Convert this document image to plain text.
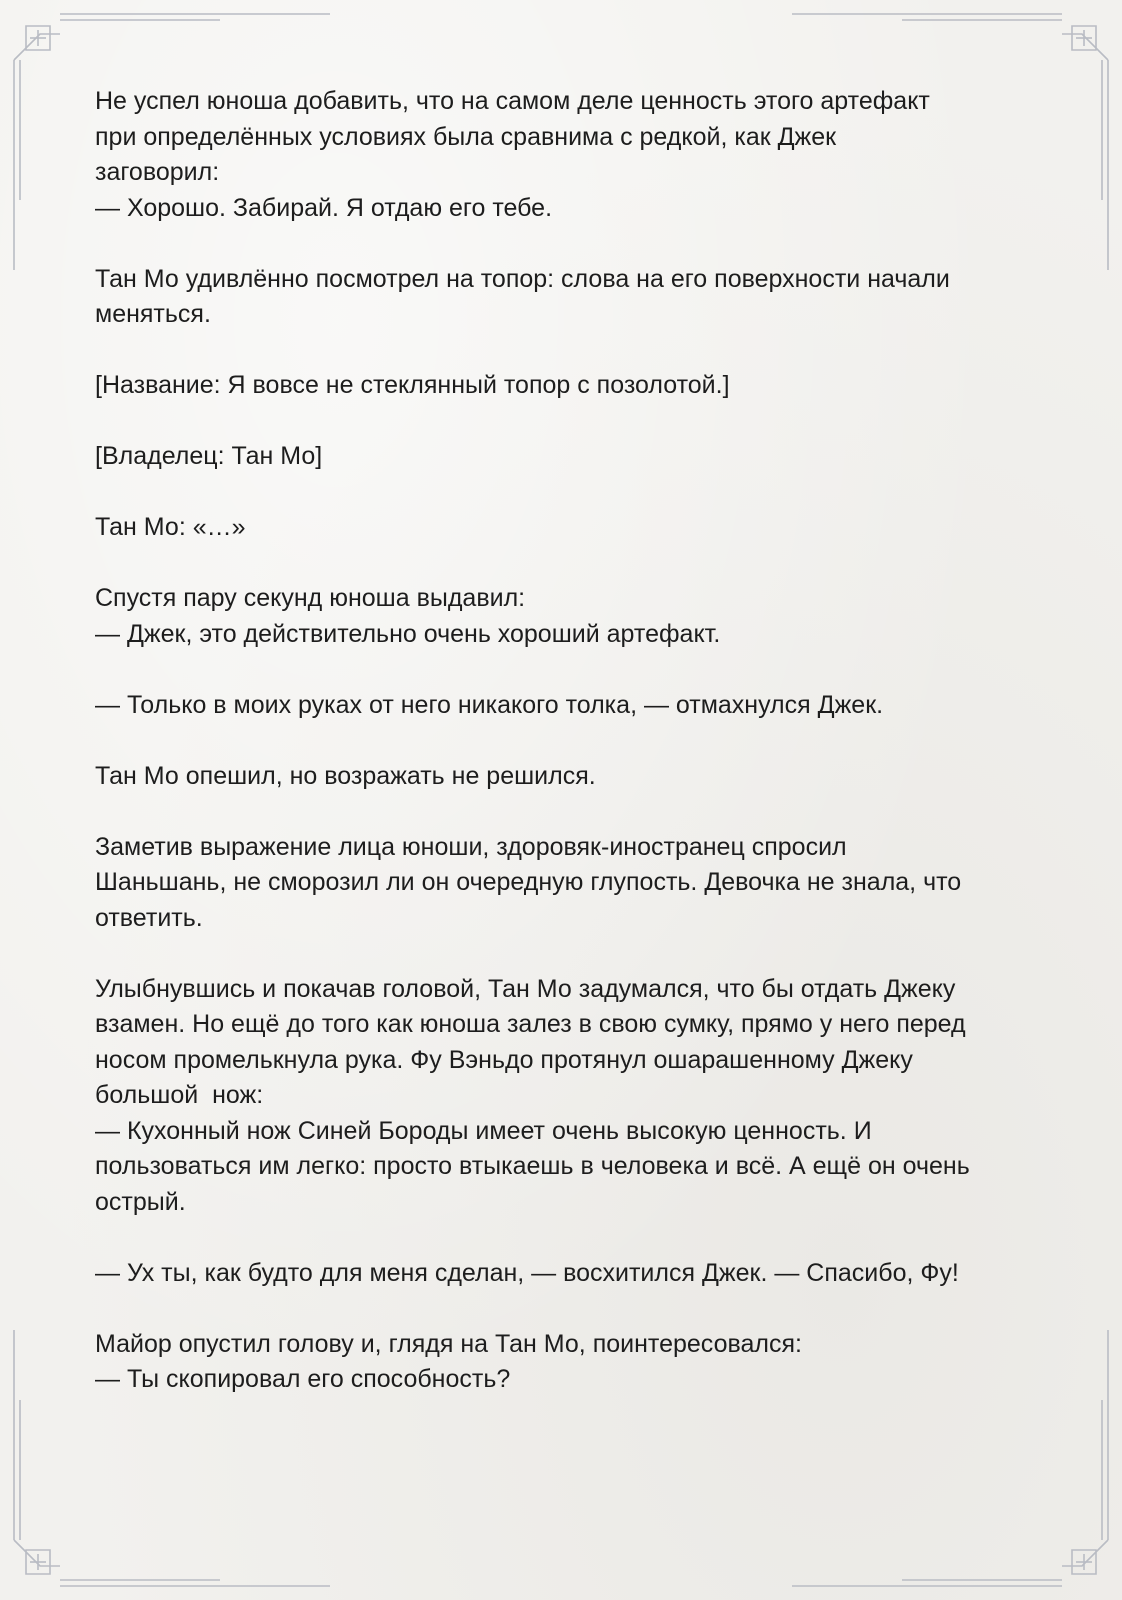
Не успел юноша добавить, что на самом деле ценность этого артефакт
при определённых условиях была сравнима с редкой, как Джек
заговорил:
— Хорошо. Забирай. Я отдаю его тебе.

Тан Мо удивлённо посмотрел на топор: слова на его поверхности начали
меняться.

[Название: Я вовсе не стеклянный топор с позолотой.]

[Владелец: Тан Мо]

Тан Мо: «…»

Спустя пару секунд юноша выдавил:
— Джек, это действительно очень хороший артефакт.

— Только в моих руках от него никакого толка, — отмахнулся Джек.

Тан Мо опешил, но возражать не решился.

Заметив выражение лица юноши, здоровяк-иностранец спросил
Шаньшань, не сморозил ли он очередную глупость. Девочка не знала, что
ответить.

Улыбнувшись и покачав головой, Тан Мо задумался, что бы отдать Джеку
взамен. Но ещё до того как юноша залез в свою сумку, прямо у него перед
носом промелькнула рука. Фу Вэньдо протянул ошарашенному Джеку
большой  нож:
— Кухонный нож Синей Бороды имеет очень высокую ценность. И
пользоваться им легко: просто втыкаешь в человека и всё. А ещё он очень
острый.

— Ух ты, как будто для меня сделан, — восхитился Джек. — Спасибо, Фу!

Майор опустил голову и, глядя на Тан Мо, поинтересовался:
— Ты скопировал его способность?
